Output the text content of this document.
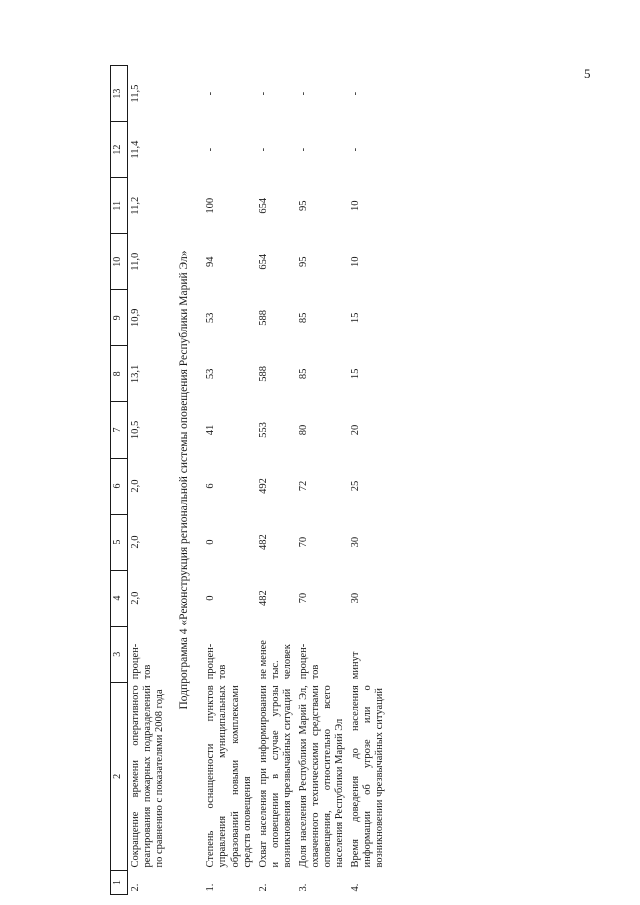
5
1	2	3	4	5	6	7	8	9	10	11	12	13
2.	Сокращение времени оперативного реагирования пожарных подразделений по сравнению с показателями 2008 года	процен-тов	2,0	2,0	2,0	10,5	13,1	10,9	11,0	11,2	11,4	11,5
Подпрограмма 4 «Реконструкция региональной системы оповещения Республики Марий Эл»												
1.	Степень оснащенности пунктов управления муниципальных образований новыми комплексами средств оповещения	процен-тов	0	0	6	41	53	53	94	100	-	-
2.	Охват населения при информировании и оповещении в случае угрозы возникновения чрезвычайных ситуаций	не менее тыс. человек	482	482	492	553	588	588	654	654	-	-
3.	Доля населения Республики Марий Эл, охваченного техническими средствами оповещения, относительно всего населения Республики Марий Эл	процен-тов	70	70	72	80	85	85	95	95	-	-
4.	Время доведения до населения информации об угрозе или о возникновении чрезвычайных ситуаций	минут	30	30	25	20	15	15	10	10	-	-
